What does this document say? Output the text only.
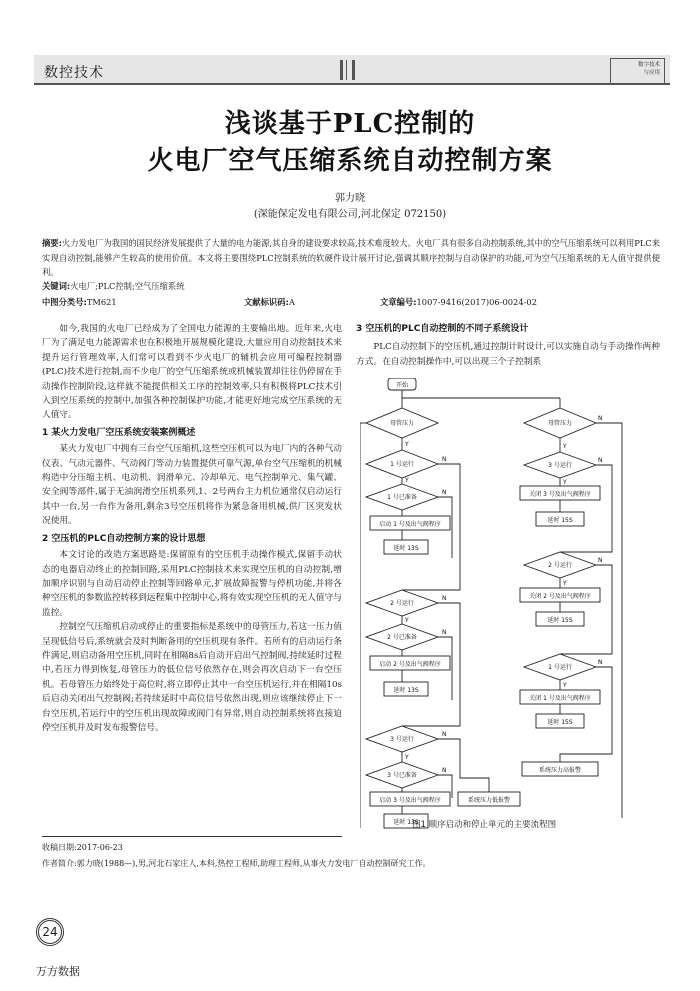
数控技术	数字技术
与应用
浅谈基于PLC控制的
火电厂空气压缩系统自动控制方案
郭力晓
(深能保定发电有限公司,河北保定 072150)
摘要:火力发电厂为我国的国民经济发展提供了大量的电力能源,其自身的建设要求较高,技术难度较大。火电厂具有很多自动控制系统,其中的空气压缩系统可以利用PLC来实现自动控制,能够产生较高的使用价值。本文将主要围绕PLC控制系统的软硬件设计展开讨论,强调其顺序控制与自动保护的功能,可为空气压缩系统的无人值守提供便利。
关键词:火电厂;PLC控制;空气压缩系统
中图分类号:TM621	文献标识码:A	文章编号:1007-9416(2017)06-0024-02

如今,我国的火电厂已经成为了全国电力能源的主要输出地。近年来,火电厂为了满足电力能源需求也在积极地开展规模化建设,大量应用自动控制技术来提升运行管理效率,人们常可以看到不少火电厂的辅机会应用可编程控制器(PLC)技术进行控制,而不少电厂的空气压缩系统或机械装置却往往仍停留在手动操作控制阶段,这样就不能提供相关工序的控制效率,只有积极将PLC技术引入到空压系统的控制中,加强各种控制保护功能,才能更好地完成空压系统的无人值守。

1 某火力发电厂空压系统安装案例概述

某火力发电厂中拥有三台空气压缩机,这些空压机可以为电厂内的各种气动仪表、气动元器件、气动阀门等动力装置提供可靠气源,单台空气压缩机的机械构造中分压缩主机、电动机、润滑单元、冷却单元、电气控制单元、集气罐、安全阀等部件,属于无油润滑空压机系列,1、2号两台主力机位通常仅启动运行其中一台,另一台作为备用,剩余3号空压机将作为紧急备用机械,供厂区突发状况使用。

2 空压机的PLC自动控制方案的设计思想

本文讨论的改造方案思路是:保留原有的空压机手动操作模式,保留手动状态的电器启动终止的控制回路,采用PLC控制技术来实现空压机的自动控制,增加顺序识别与自动启动停止控制等回路单元,扩展故障报警与停机功能,并将各种空压机的参数监控转移到远程集中控制中心,将有效实现空压机的无人值守与监控。

控制空气压缩机启动或停止的重要指标是系统中的母管压力,若这一压力值呈现低信号后,系统就会及时判断备用的空压机现有条件。若所有的启动运行条件满足,则启动备用空压机,同时在相隔8s后自动开启出气控制阀,持续延时过程中,若压力得到恢复,母管压力的低位信号依然存在,则会再次启动下一台空压机。若母管压力始终处于高位时,将立即停止其中一台空压机运行,并在相隔10s后启动关闭出气控制阀;若持续延时中高位信号依然出现,则应该继续停止下一台空压机,若运行中的空压机出现故障或阀门有异常,则自动控制系统将直接迫停空压机并及时发布报警信号。

3 空压机的PLC自动控制的不同子系统设计

PLC自动控制下的空压机,通过控制计时设计,可以实施自动与手动操作两种方式。在自动控制操作中,可以出现三个子控制系

开始
母管压力
1 号运行
1 号已准备
启动 1 号及出气阀程序
延时 13S
2 号运行
2 号已准备
启动 2 号及出气阀程序
延时 13S
3 号运行
3 号已准备
启动 3 号及出气阀程序
延时 13S
系统压力低报警
母管压力
3 号运行
关闭 3 号及出气阀程序
延时 15S
2 号运行
关闭 2 号及出气阀程序
延时 15S
1 号运行
关闭 1 号及出气阀程序
延时 15S
系统压力高报警
Y
Y
N
N
N
N
Y
N
N
Y
N
Y
N
Y
N
Y
N
Y
图1 顺序启动和停止单元的主要流程图
收稿日期:2017-06-23
作者简介:郭力晓(1988—),男,河北石家庄人,本科,热控工程师,助理工程师,从事火力发电厂自动控制研究工作。
24
万方数据
